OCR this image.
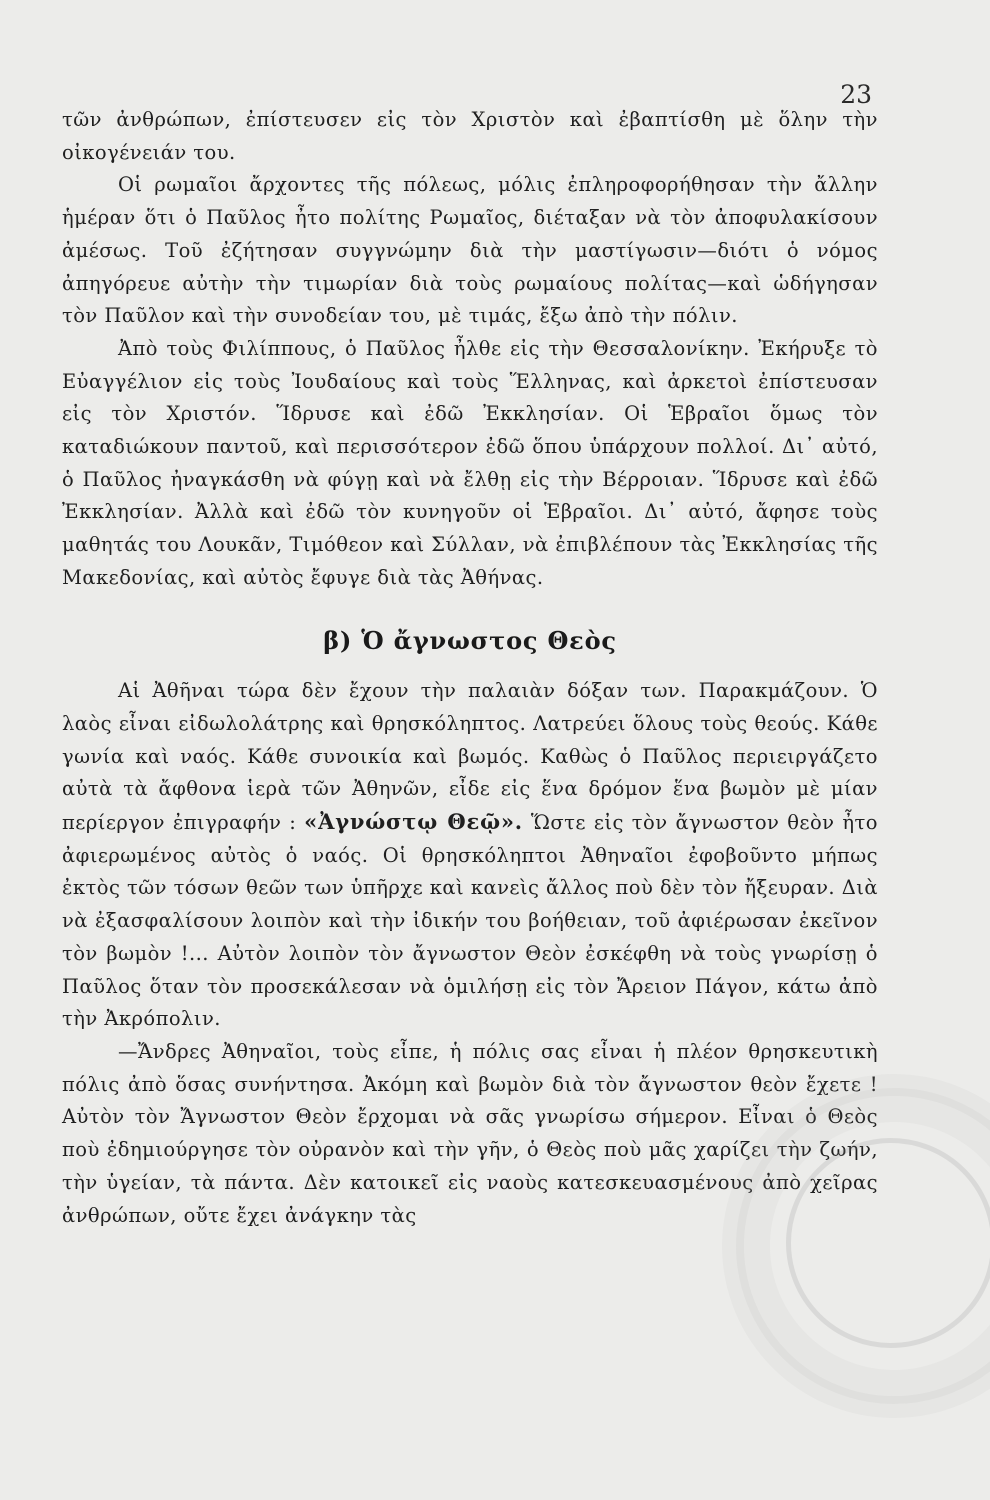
23

τῶν ἀνθρώπων, ἐπίστευσεν εἰς τὸν Χριστὸν καὶ ἐβαπτίσθη μὲ ὅλην τὴν οἰκογένειάν του.

Οἱ ρωμαῖοι ἄρχοντες τῆς πόλεως, μόλις ἐπληροφορήθησαν τὴν ἄλλην ἡμέραν ὅτι ὁ Παῦλος ἦτο πολίτης Ρωμαῖος, διέταξαν νὰ τὸν ἀποφυλακίσουν ἀμέσως. Τοῦ ἐζήτησαν συγγνώμην διὰ τὴν μαστίγωσιν—διότι ὁ νόμος ἀπηγόρευε αὐτὴν τὴν τιμωρίαν διὰ τοὺς ρωμαίους πολίτας—καὶ ὡδήγησαν τὸν Παῦλον καὶ τὴν συνοδείαν του, μὲ τιμάς, ἔξω ἀπὸ τὴν πόλιν.

Ἀπὸ τοὺς Φιλίππους, ὁ Παῦλος ἦλθε εἰς τὴν Θεσσαλονίκην. Ἐκήρυξε τὸ Εὐαγγέλιον εἰς τοὺς Ἰουδαίους καὶ τοὺς Ἕλληνας, καὶ ἀρκετοὶ ἐπίστευσαν εἰς τὸν Χριστόν. Ἵδρυσε καὶ ἐδῶ Ἐκκλησίαν. Οἱ Ἑβραῖοι ὅμως τὸν καταδιώκουν παντοῦ, καὶ περισσότερον ἐδῶ ὅπου ὑπάρχουν πολλοί. Δι᾽ αὐτό, ὁ Παῦλος ἠναγκάσθη νὰ φύγῃ καὶ νὰ ἔλθῃ εἰς τὴν Βέρροιαν. Ἵδρυσε καὶ ἐδῶ Ἐκκλησίαν. Ἀλλὰ καὶ ἐδῶ τὸν κυνηγοῦν οἱ Ἑβραῖοι. Δι᾽ αὐτό, ἄφησε τοὺς μαθητάς του Λουκᾶν, Τιμόθεον καὶ Σύλλαν, νὰ ἐπιβλέπουν τὰς Ἐκκλησίας τῆς Μακεδονίας, καὶ αὐτὸς ἔφυγε διὰ τὰς Ἀθήνας.

β) Ὁ ἄγνωστος Θεὸς

Αἱ Ἀθῆναι τώρα δὲν ἔχουν τὴν παλαιὰν δόξαν των. Παρακμάζουν. Ὁ λαὸς εἶναι εἰδωλολάτρης καὶ θρησκόληπτος. Λατρεύει ὅλους τοὺς θεούς. Κάθε γωνία καὶ ναός. Κάθε συνοικία καὶ βωμός. Καθὼς ὁ Παῦλος περιειργάζετο αὐτὰ τὰ ἄφθονα ἱερὰ τῶν Ἀθηνῶν, εἶδε εἰς ἕνα δρόμον ἕνα βωμὸν μὲ μίαν περίεργον ἐπιγραφήν : «Ἀγνώστῳ Θεῷ». Ὥστε εἰς τὸν ἄγνωστον θεὸν ἦτο ἀφιερωμένος αὐτὸς ὁ ναός. Οἱ θρησκόληπτοι Ἀθηναῖοι ἐφοβοῦντο μήπως ἐκτὸς τῶν τόσων θεῶν των ὑπῆρχε καὶ κανεὶς ἄλλος ποὺ δὲν τὸν ἤξευραν. Διὰ νὰ ἐξασφαλίσουν λοιπὸν καὶ τὴν ἰδικήν του βοήθειαν, τοῦ ἀφιέρωσαν ἐκεῖνον τὸν βωμὸν !... Αὐτὸν λοιπὸν τὸν ἄγνωστον Θεὸν ἐσκέφθη νὰ τοὺς γνωρίσῃ ὁ Παῦλος ὅταν τὸν προσεκάλεσαν νὰ ὁμιλήσῃ εἰς τὸν Ἄρειον Πάγον, κάτω ἀπὸ τὴν Ἀκρόπολιν.

—Ἄνδρες Ἀθηναῖοι, τοὺς εἶπε, ἡ πόλις σας εἶναι ἡ πλέον θρησκευτικὴ πόλις ἀπὸ ὅσας συνήντησα. Ἀκόμη καὶ βωμὸν διὰ τὸν ἄγνωστον θεὸν ἔχετε ! Αὐτὸν τὸν Ἄγνωστον Θεὸν ἔρχομαι νὰ σᾶς γνωρίσω σήμερον. Εἶναι ὁ Θεὸς ποὺ ἐδημιούργησε τὸν οὐρανὸν καὶ τὴν γῆν, ὁ Θεὸς ποὺ μᾶς χαρίζει τὴν ζωήν, τὴν ὑγείαν, τὰ πάντα. Δὲν κατοικεῖ εἰς ναοὺς κατεσκευασμένους ἀπὸ χεῖρας ἀνθρώπων, οὔτε ἔχει ἀνάγκην τὰς
